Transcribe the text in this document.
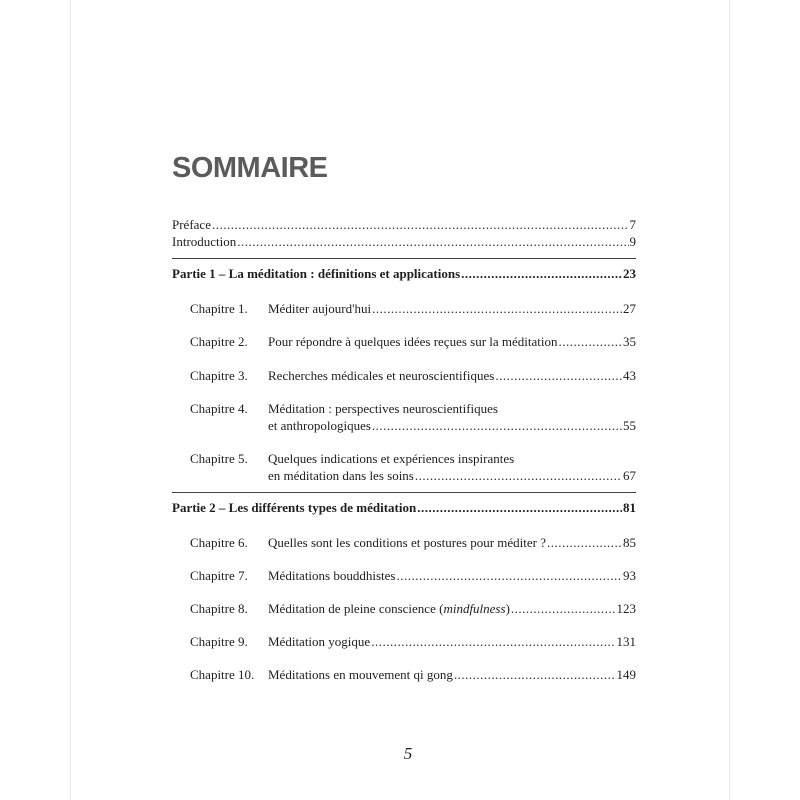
SOMMAIRE
Préface .....	7
Introduction .....	9
Partie 1 – La méditation : définitions et applications .....	23
Chapitre 1. Méditer aujourd'hui .....	27
Chapitre 2. Pour répondre à quelques idées reçues sur la méditation .....	35
Chapitre 3. Recherches médicales et neuroscientifiques .....	43
Chapitre 4. Méditation : perspectives neuroscientifiques
et anthropologiques .....	55
Chapitre 5. Quelques indications et expériences inspirantes
en méditation dans les soins .....	67
Partie 2 – Les différents types de méditation .....	81
Chapitre 6. Quelles sont les conditions et postures pour méditer ? .....	85
Chapitre 7. Méditations bouddhistes .....	93
Chapitre 8. Méditation de pleine conscience (mindfulness) .....	123
Chapitre 9. Méditation yogique .....	131
Chapitre 10. Méditations en mouvement qi gong .....	149
5
